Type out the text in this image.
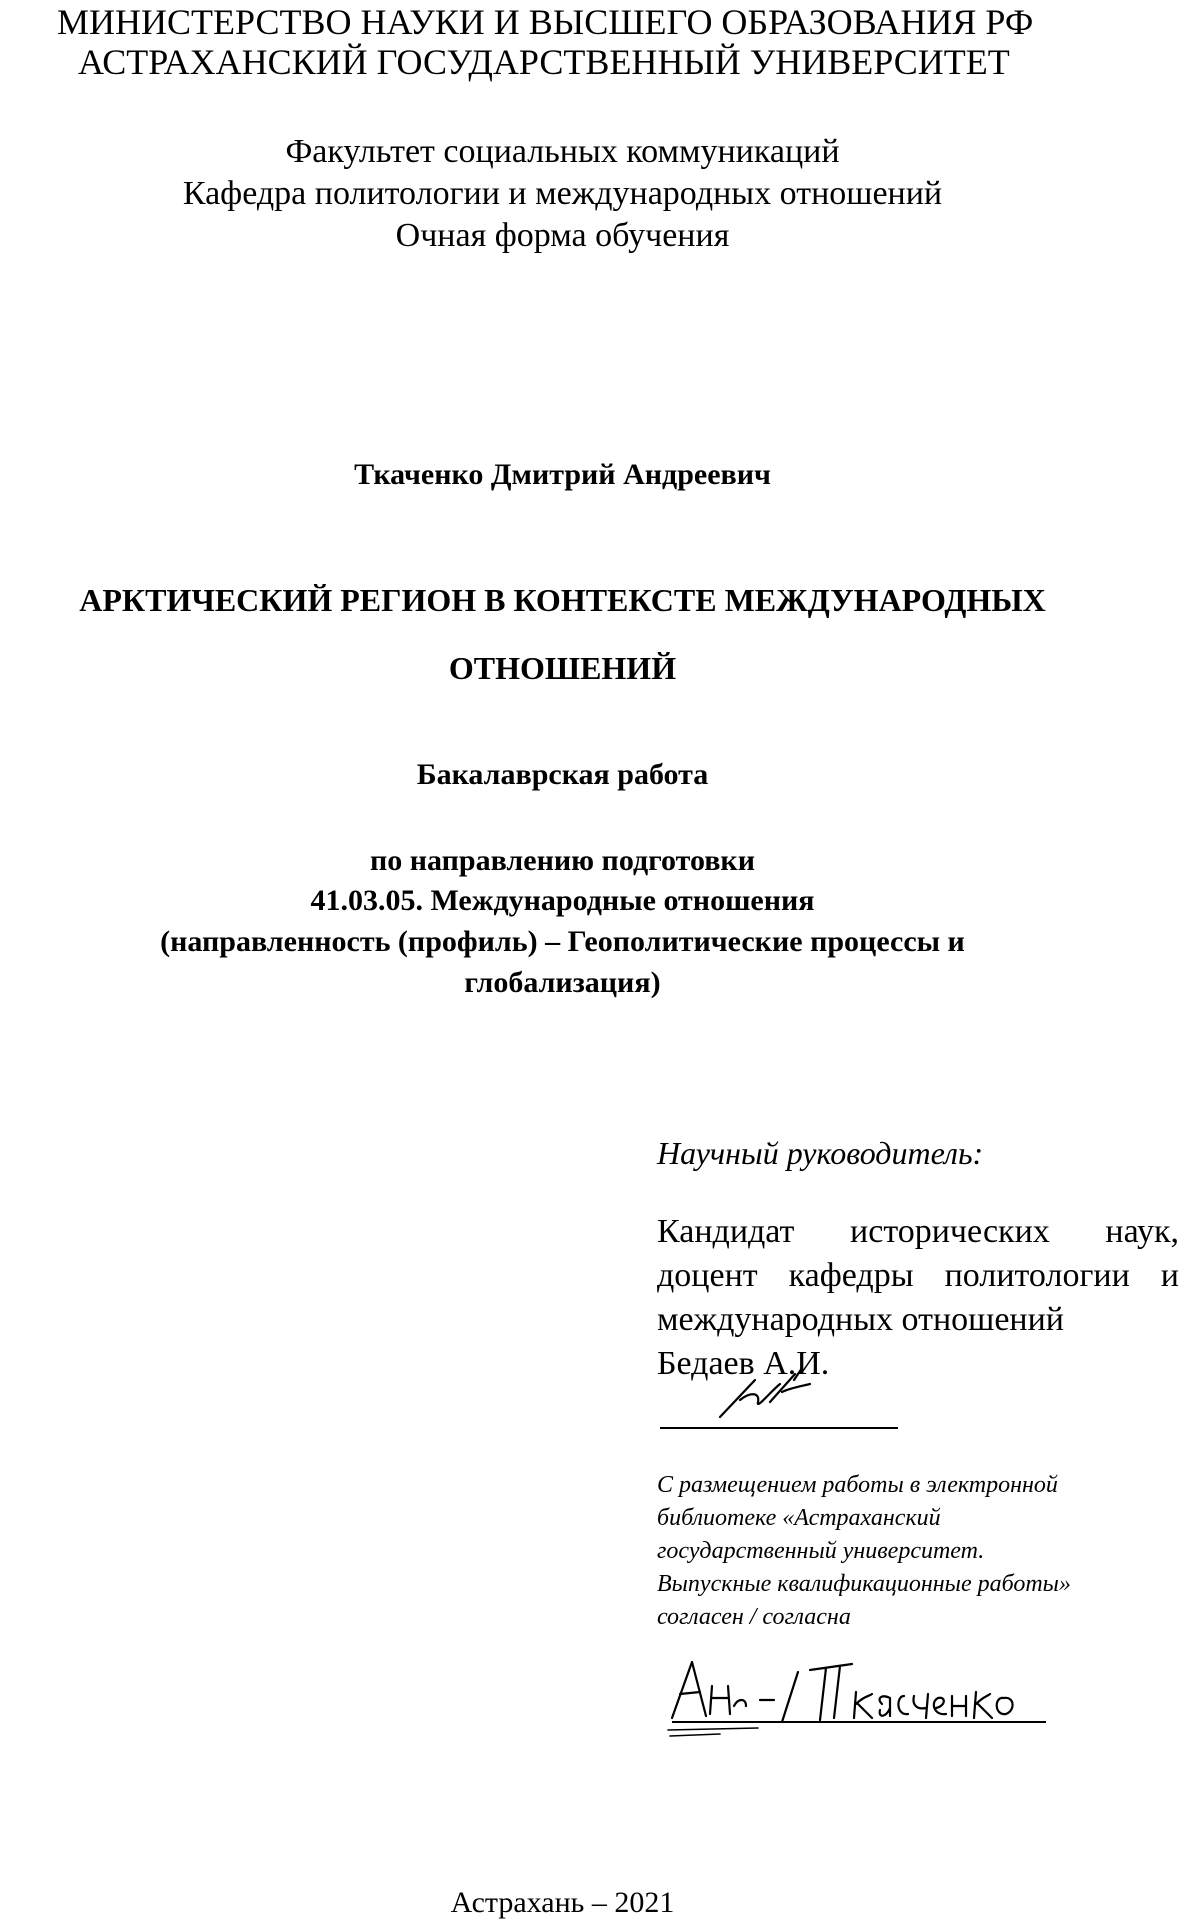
МИНИСТЕРСТВО НАУКИ И ВЫСШЕГО ОБРАЗОВАНИЯ РФ
АСТРАХАНСКИЙ ГОСУДАРСТВЕННЫЙ УНИВЕРСИТЕТ
Факультет социальных коммуникаций
Кафедра политологии и международных отношений
Очная форма обучения
Ткаченко Дмитрий Андреевич
АРКТИЧЕСКИЙ РЕГИОН В КОНТЕКСТЕ МЕЖДУНАРОДНЫХ
ОТНОШЕНИЙ
Бакалаврская работа
по направлению подготовки
41.03.05. Международные отношения
(направленность (профиль) – Геополитические процессы и
глобализация)
Научный руководитель:
Кандидат исторических наук,
доцент кафедры политологии и
международных отношений
Бедаев А.И.
С размещением работы в электронной
библиотеке «Астраханский
государственный университет.
Выпускные квалификационные работы»
согласен / согласна
Астрахань – 2021
